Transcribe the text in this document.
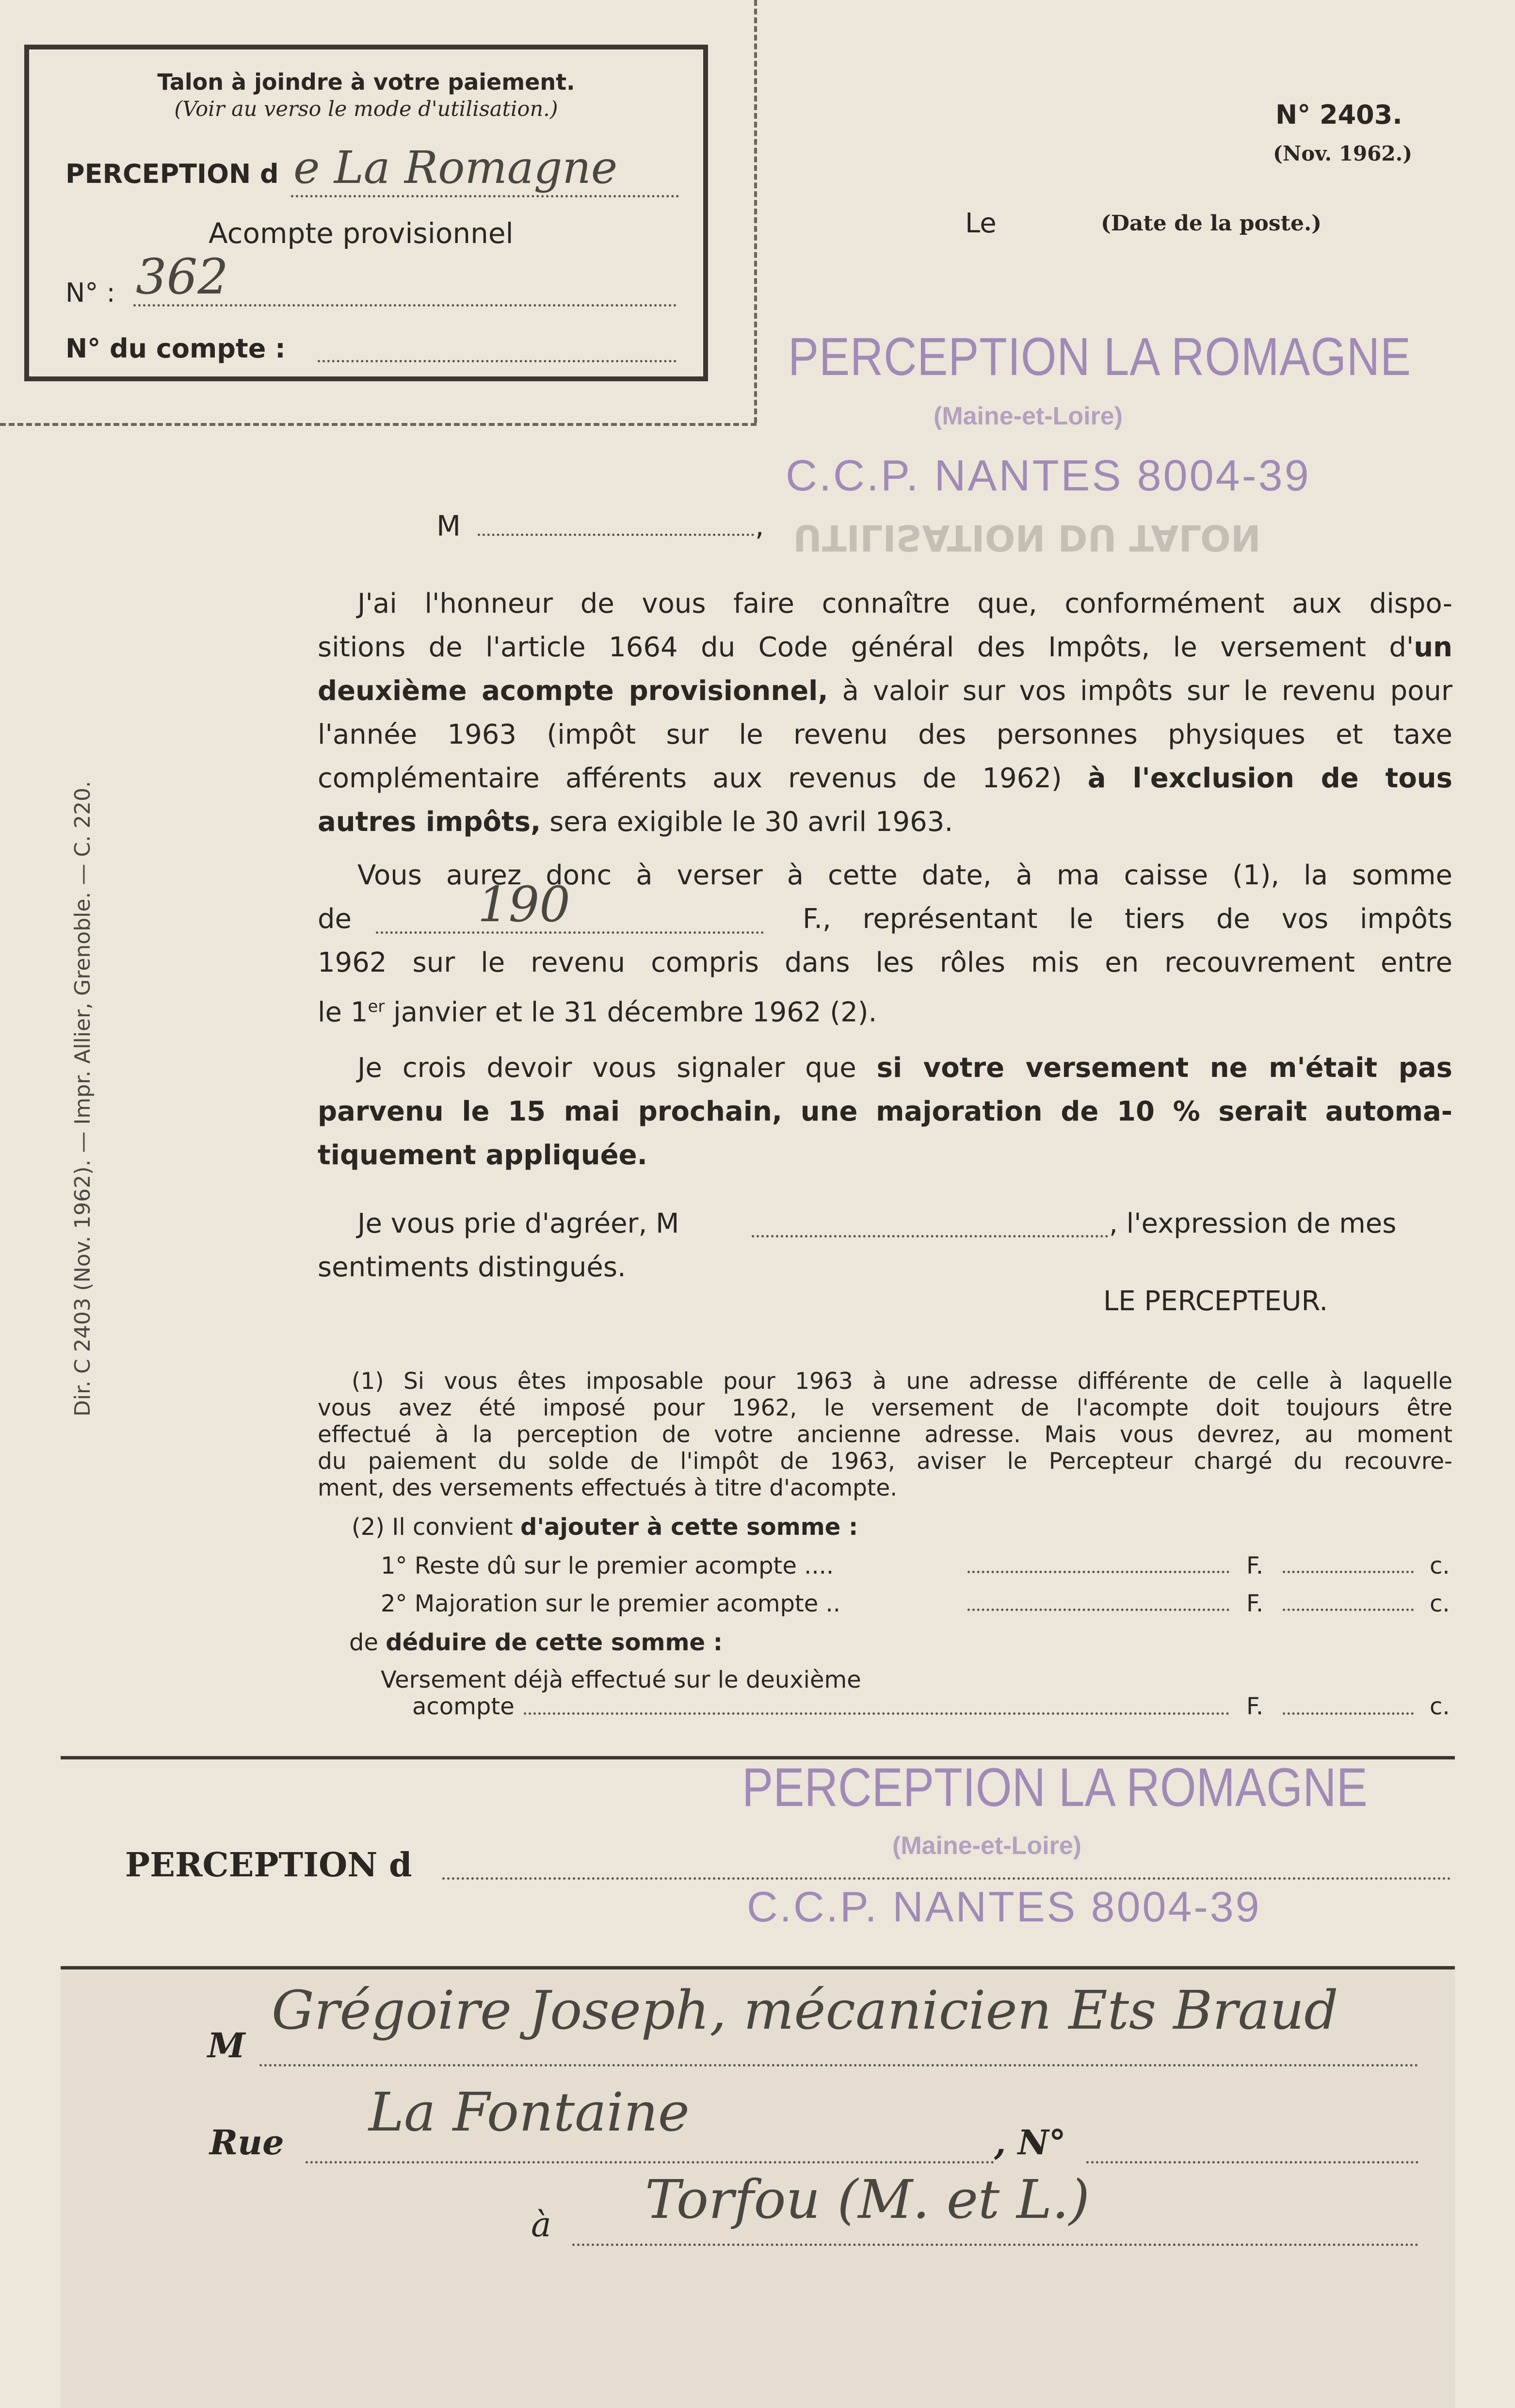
Talon à joindre à votre paiement.
(Voir au verso le mode d'utilisation.)
PERCEPTION d e La Romagne
Acompte provisionnel
N° : 362
N° du compte :
N° 2403.
(Nov. 1962.)
Le	(Date de la poste.)
PERCEPTION LA ROMAGNE
(Maine-et-Loire)
C.C.P. NANTES 8004-39
UTILISATION DU TALON
M	,
J'ai l'honneur de vous faire connaître que, conformément aux dispo-
sitions de l'article 1664 du Code général des Impôts, le versement d'un
deuxième acompte provisionnel, à valoir sur vos impôts sur le revenu pour
l'année 1963 (impôt sur le revenu des personnes physiques et taxe
complémentaire afférents aux revenus de 1962) à l'exclusion de tous
autres impôts, sera exigible le 30 avril 1963.
Vous aurez donc à verser à cette date, à ma caisse (1), la somme
de	190	F., représentant le tiers de vos impôts
1962 sur le revenu compris dans les rôles mis en recouvrement entre
le 1er janvier et le 31 décembre 1962 (2).
Je crois devoir vous signaler que si votre versement ne m'était pas
parvenu le 15 mai prochain, une majoration de 10 % serait automa-
tiquement appliquée.
Je vous prie d'agréer, M	, l'expression de mes
sentiments distingués.
LE PERCEPTEUR.
Dir. C 2403 (Nov. 1962). — Impr. Allier, Grenoble. — C. 220.	(1) Si vous êtes imposable pour 1963 à une adresse différente de celle à laquelle
vous avez été imposé pour 1962, le versement de l'acompte doit toujours être
effectué à la perception de votre ancienne adresse. Mais vous devrez, au moment
du paiement du solde de l'impôt de 1963, aviser le Percepteur chargé du recouvre-
ment, des versements effectués à titre d'acompte.
(2) Il convient d'ajouter à cette somme :
1° Reste dû sur le premier acompte ....	F.	c.
2° Majoration sur le premier acompte ..	F.	c.
de déduire de cette somme :
Versement déjà effectué sur le deuxième
acompte	F.	c.
PERCEPTION d
PERCEPTION LA ROMAGNE
(Maine-et-Loire)
C.C.P. NANTES 8004-39
M
Grégoire Joseph, mécanicien Ets Braud
Rue La Fontaine	, N°
à Torfou (M. et L.)
